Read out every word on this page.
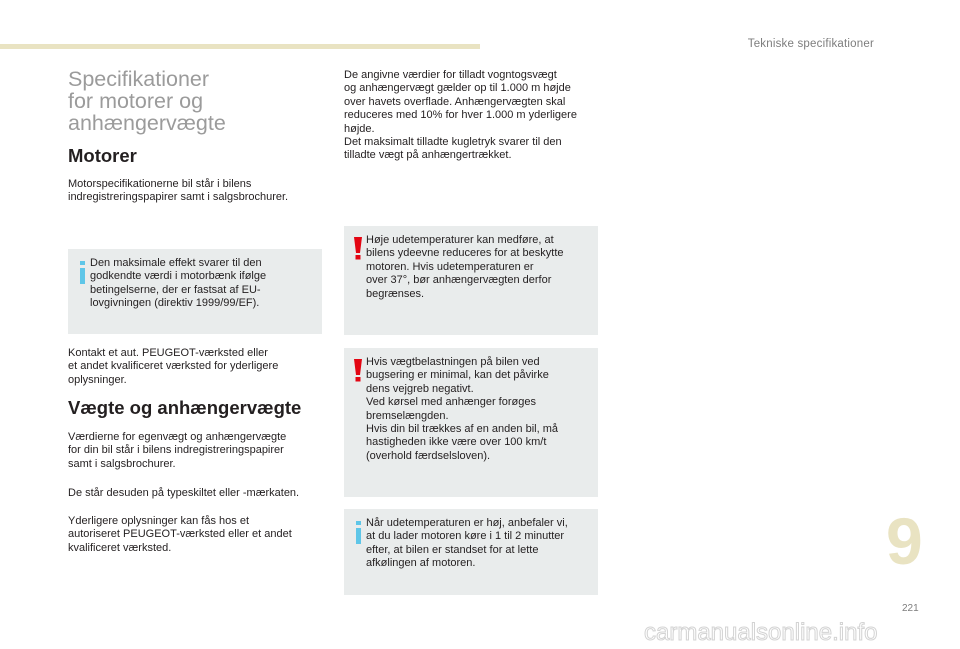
Tekniske specifikationer
Specifikationer
for motorer og
anhængervægte
Motorer

Motorspecifikationerne bil står i bilens
indregistreringspapirer samt i salgsbrochurer.

Den maksimale effekt svarer til den
godkendte værdi i motorbænk ifølge
betingelserne, der er fastsat af EU-
lovgivningen (direktiv 1999/99/EF).

Kontakt et aut. PEUGEOT-værksted eller
et andet kvalificeret værksted for yderligere
oplysninger.

Vægte og anhængervægte

Værdierne for egenvægt og anhængervægte
for din bil står i bilens indregistreringspapirer
samt i salgsbrochurer.

De står desuden på typeskiltet eller -mærkaten.

Yderligere oplysninger kan fås hos et
autoriseret PEUGEOT-værksted eller et andet
kvalificeret værksted.

De angivne værdier for tilladt vogntogsvægt
og anhængervægt gælder op til 1.000 m højde
over havets overflade. Anhængervægten skal
reduceres med 10% for hver 1.000 m yderligere
højde.
Det maksimalt tilladte kugletryk svarer til den
tilladte vægt på anhængertrækket.

Høje udetemperaturer kan medføre, at
bilens ydeevne reduceres for at beskytte
motoren. Hvis udetemperaturen er
over 37°, bør anhængervægten derfor
begrænses.

Hvis vægtbelastningen på bilen ved
bugsering er minimal, kan det påvirke
dens vejgreb negativt.
Ved kørsel med anhænger forøges
bremselængden.
Hvis din bil trækkes af en anden bil, må
hastigheden ikke være over 100 km/t
(overhold færdselsloven).

Når udetemperaturen er høj, anbefaler vi,
at du lader motoren køre i 1 til 2 minutter
efter, at bilen er standset for at lette
afkølingen af motoren.	9
221
carmanualsonline.info
